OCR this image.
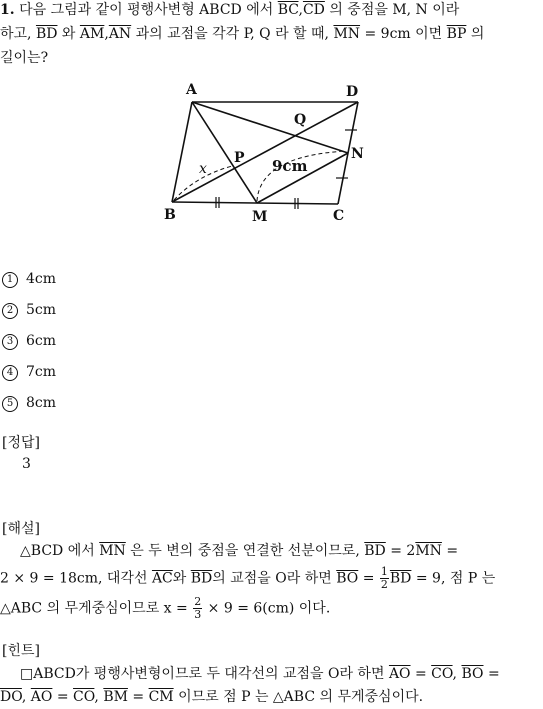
1. 다음 그림과 같이 평행사변형 ABCD 에서 $\overline{BC},\overline{CD}$ 의 중점을 M, N 이라
하고, $\overline{BD}$ 와 $\overline{AM},\overline{AN}$ 과의 교점을 각각 P, Q 라 할 때, $\overline{MN} = 9cm$ 이면 $\overline{BP}$ 의
길이는?
A	D
B	M	C
N
P
Q
9cm
x
1 4cm
2 5cm
3 6cm
4 7cm
5 8cm
[정답]
3
[해설]
△BCD 에서 $\overline{MN}$ 은 두 변의 중점을 연결한 선분이므로, $\overline{BD} = 2\overline{MN}$ =
2 × 9 = 18cm, 대각선 $\overline{AC}$와 $\overline{BD}$의 교점을 O라 하면 $\overline{BO} = \frac{1}{2} \overline{BD} = 9$, 점 P 는
△ABC 의 무게중심이므로 $x = \frac{2}{3} \times 9 = 6(cm)$ 이다.
[힌트]
□ABCD가 평행사변형이므로 두 대각선의 교점을 O라 하면 $\overline{AO} = \overline{CO}$, $\overline{BO}$ =
$\overline{DO}$, $\overline{AO} = \overline{CO}$, $\overline{BM} = \overline{CM}$ 이므로 점 P 는 △ABC 의 무게중심이다.
